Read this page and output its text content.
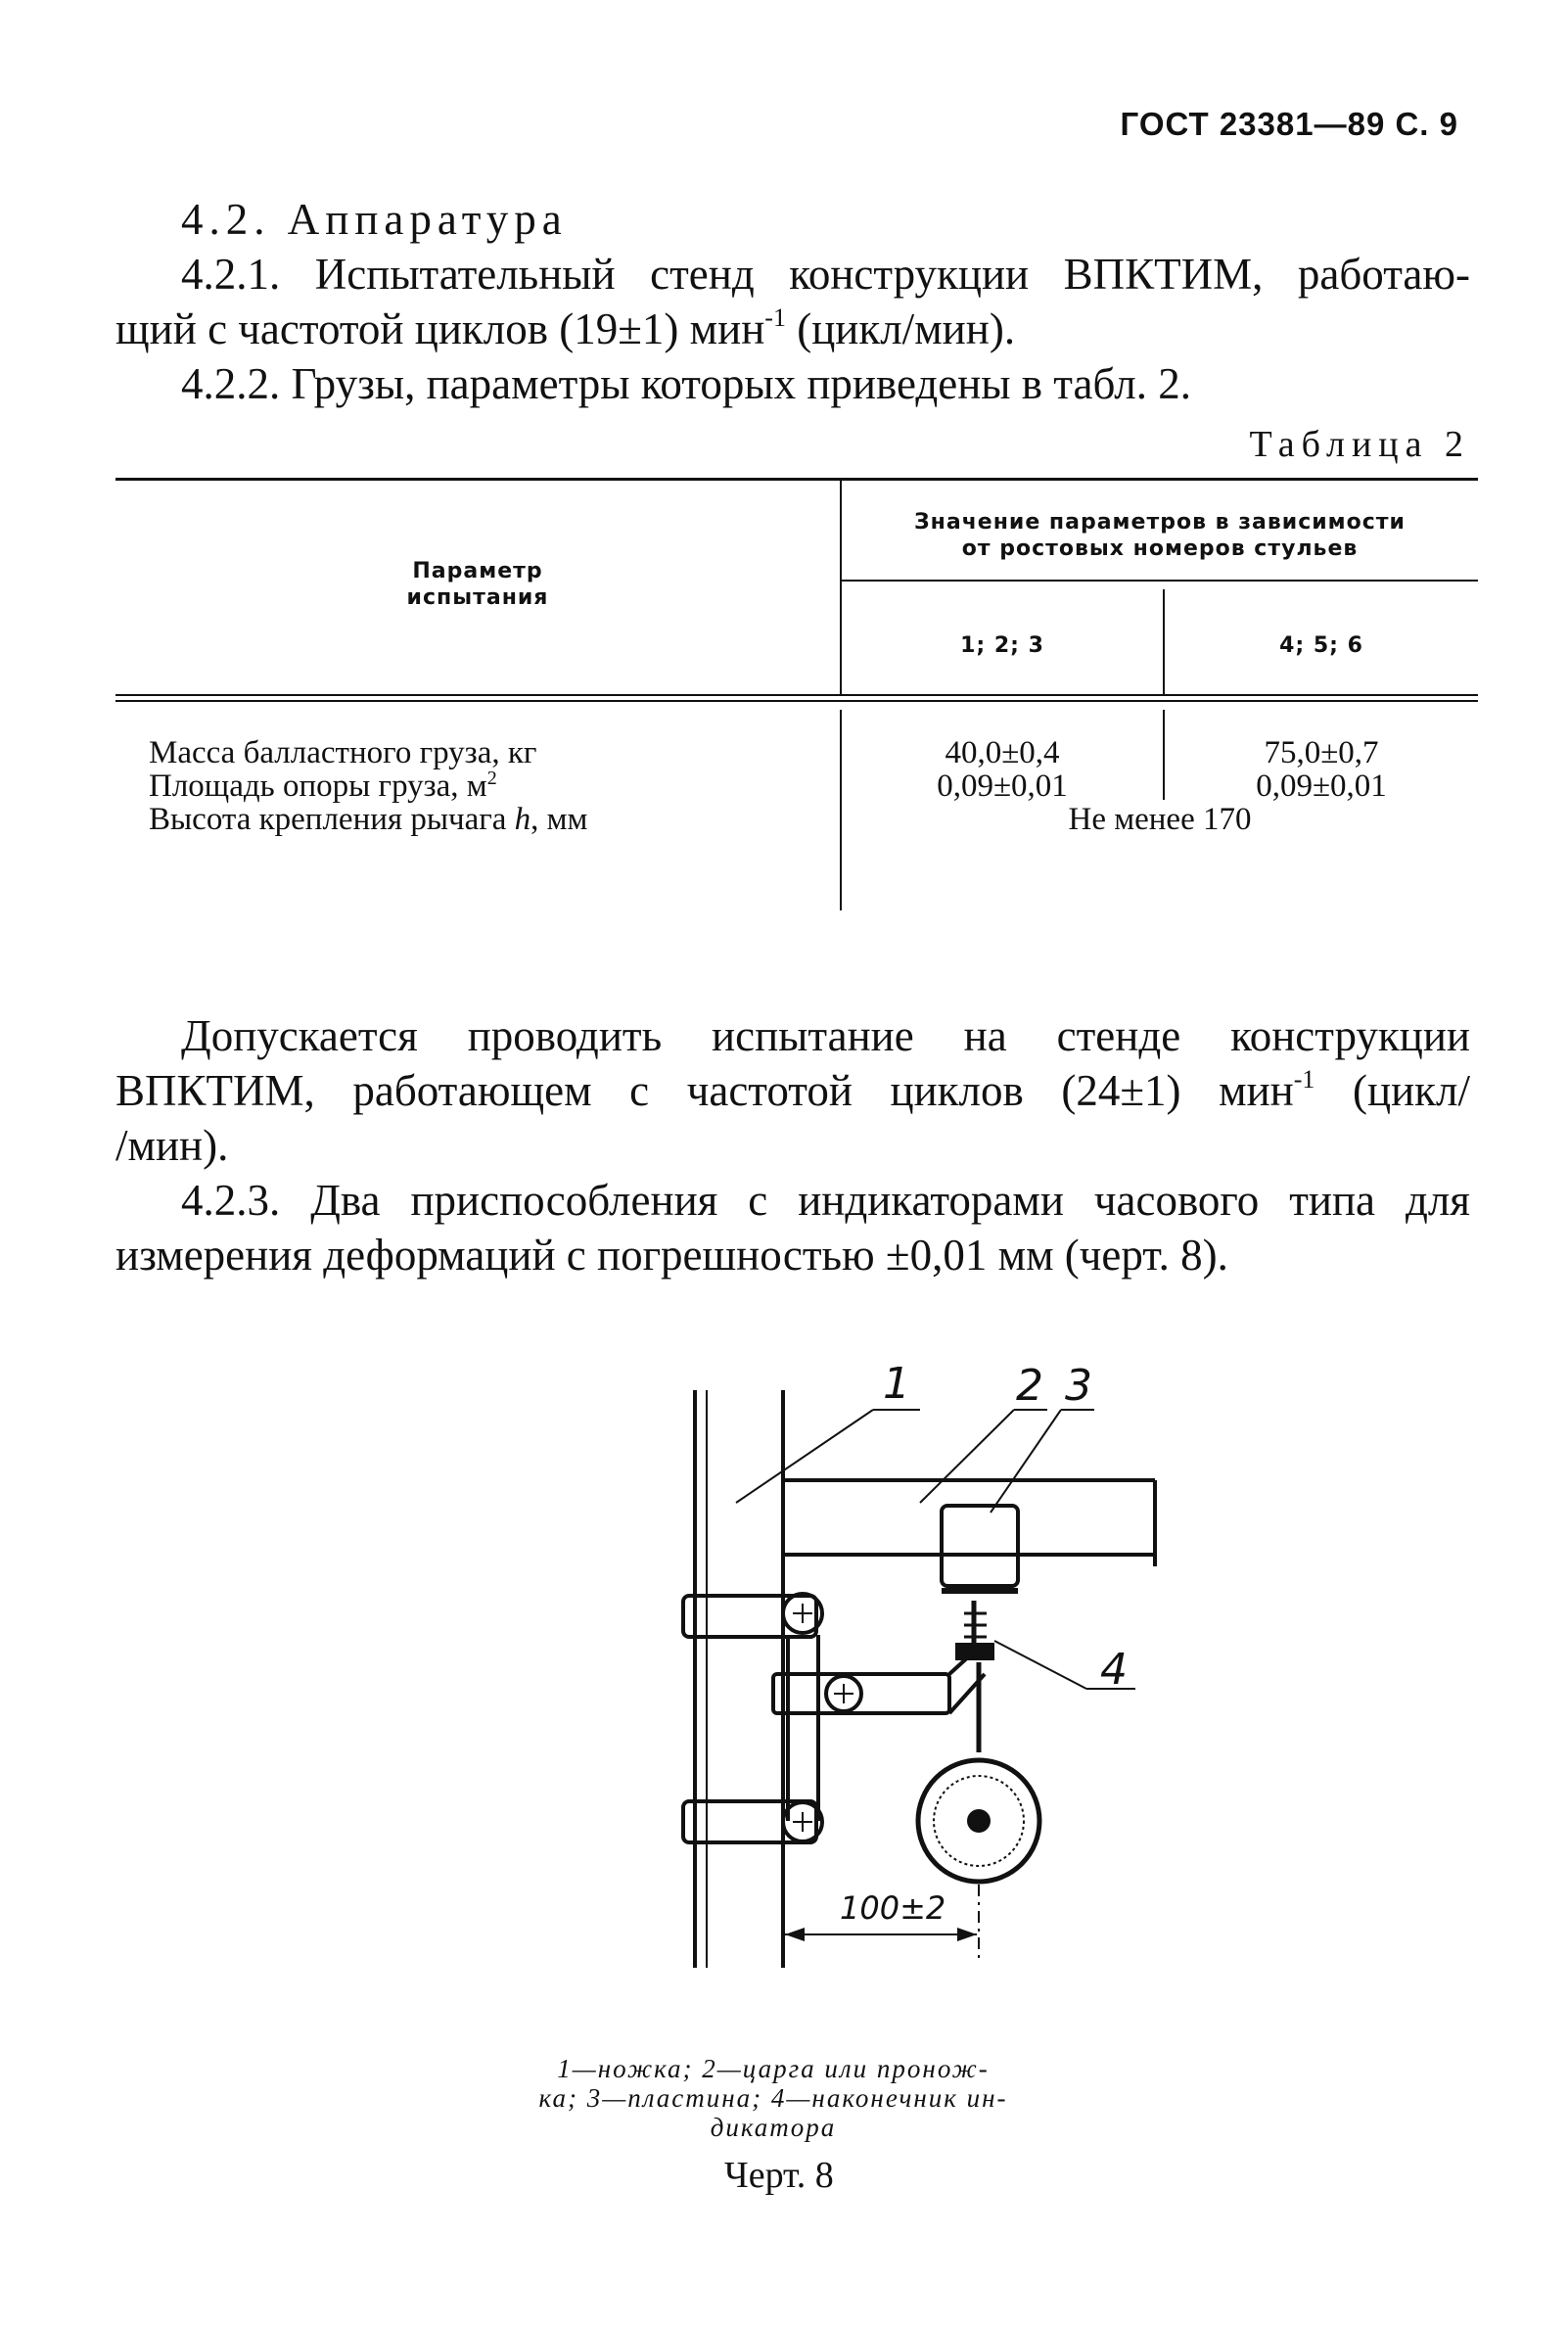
ГОСТ 23381—89 С. 9
4.2. Аппаратура
4.2.1. Испытательный стенд конструкции ВПКТИМ, работаю-
щий с частотой циклов (19±1) мин$^{-1}$ (цикл/мин).
4.2.2. Грузы, параметры которых приведены в табл. 2.
Таблица 2
Параметр
испытания
Значение параметров в зависимости
от ростовых номеров стульев
1; 2; 3	4; 5; 6
Масса балластного груза, кг	40,0±0,4	75,0±0,7
Площадь опоры груза, $м^2$	0,09±0,01	0,09±0,01
Высота крепления рычага h, мм	Не менее 170
Допускается проводить испытание на стенде конструкции
ВПКТИМ, работающем с частотой циклов (24±1) мин$^{-1}$ (цикл/
/мин).
4.2.3. Два приспособления с индикаторами часового типа для
измерения деформаций с погрешностью ±0,01 мм (черт. 8).
1 2 3
4
100±2
1—ножка; 2—царга или пронож-
ка; 3—пластина; 4—наконечник ин-
дикатора
Черт. 8
